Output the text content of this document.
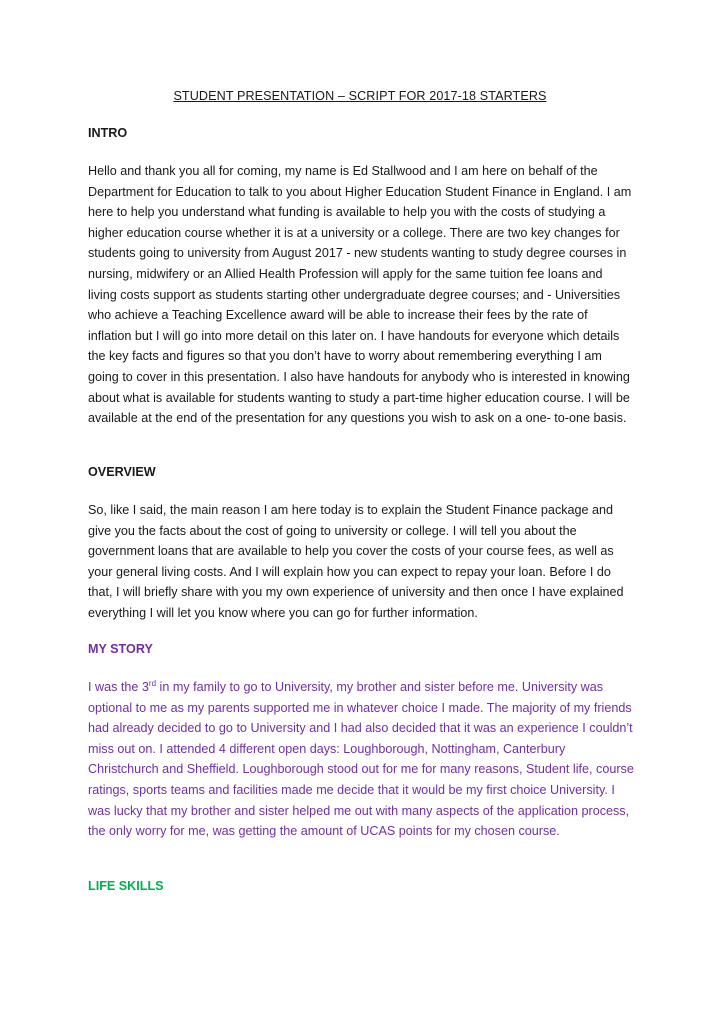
STUDENT PRESENTATION – SCRIPT FOR 2017-18 STARTERS
INTRO
Hello and thank you all for coming, my name is Ed Stallwood and I am here on behalf of the Department for Education to talk to you about Higher Education Student Finance in England. I am here to help you understand what funding is available to help you with the costs of studying a higher education course whether it is at a university or a college. There are two key changes for students going to university from August 2017 - new students wanting to study degree courses in nursing, midwifery or an Allied Health Profession will apply for the same tuition fee loans and living costs support as students starting other undergraduate degree courses; and - Universities who achieve a Teaching Excellence award will be able to increase their fees by the rate of inflation but I will go into more detail on this later on. I have handouts for everyone which details the key facts and figures so that you don’t have to worry about remembering everything I am going to cover in this presentation. I also have handouts for anybody who is interested in knowing about what is available for students wanting to study a part-time higher education course. I will be available at the end of the presentation for any questions you wish to ask on a one- to-one basis.
OVERVIEW
So, like I said, the main reason I am here today is to explain the Student Finance package and give you the facts about the cost of going to university or college. I will tell you about the government loans that are available to help you cover the costs of your course fees, as well as your general living costs. And I will explain how you can expect to repay your loan. Before I do that, I will briefly share with you my own experience of university and then once I have explained everything I will let you know where you can go for further information.
MY STORY
I was the 3rd in my family to go to University, my brother and sister before me. University was optional to me as my parents supported me in whatever choice I made. The majority of my friends had already decided to go to University and I had also decided that it was an experience I couldn’t miss out on. I attended 4 different open days: Loughborough, Nottingham, Canterbury Christchurch and Sheffield. Loughborough stood out for me for many reasons, Student life, course ratings, sports teams and facilities made me decide that it would be my first choice University. I was lucky that my brother and sister helped me out with many aspects of the application process, the only worry for me, was getting the amount of UCAS points for my chosen course.
LIFE SKILLS
